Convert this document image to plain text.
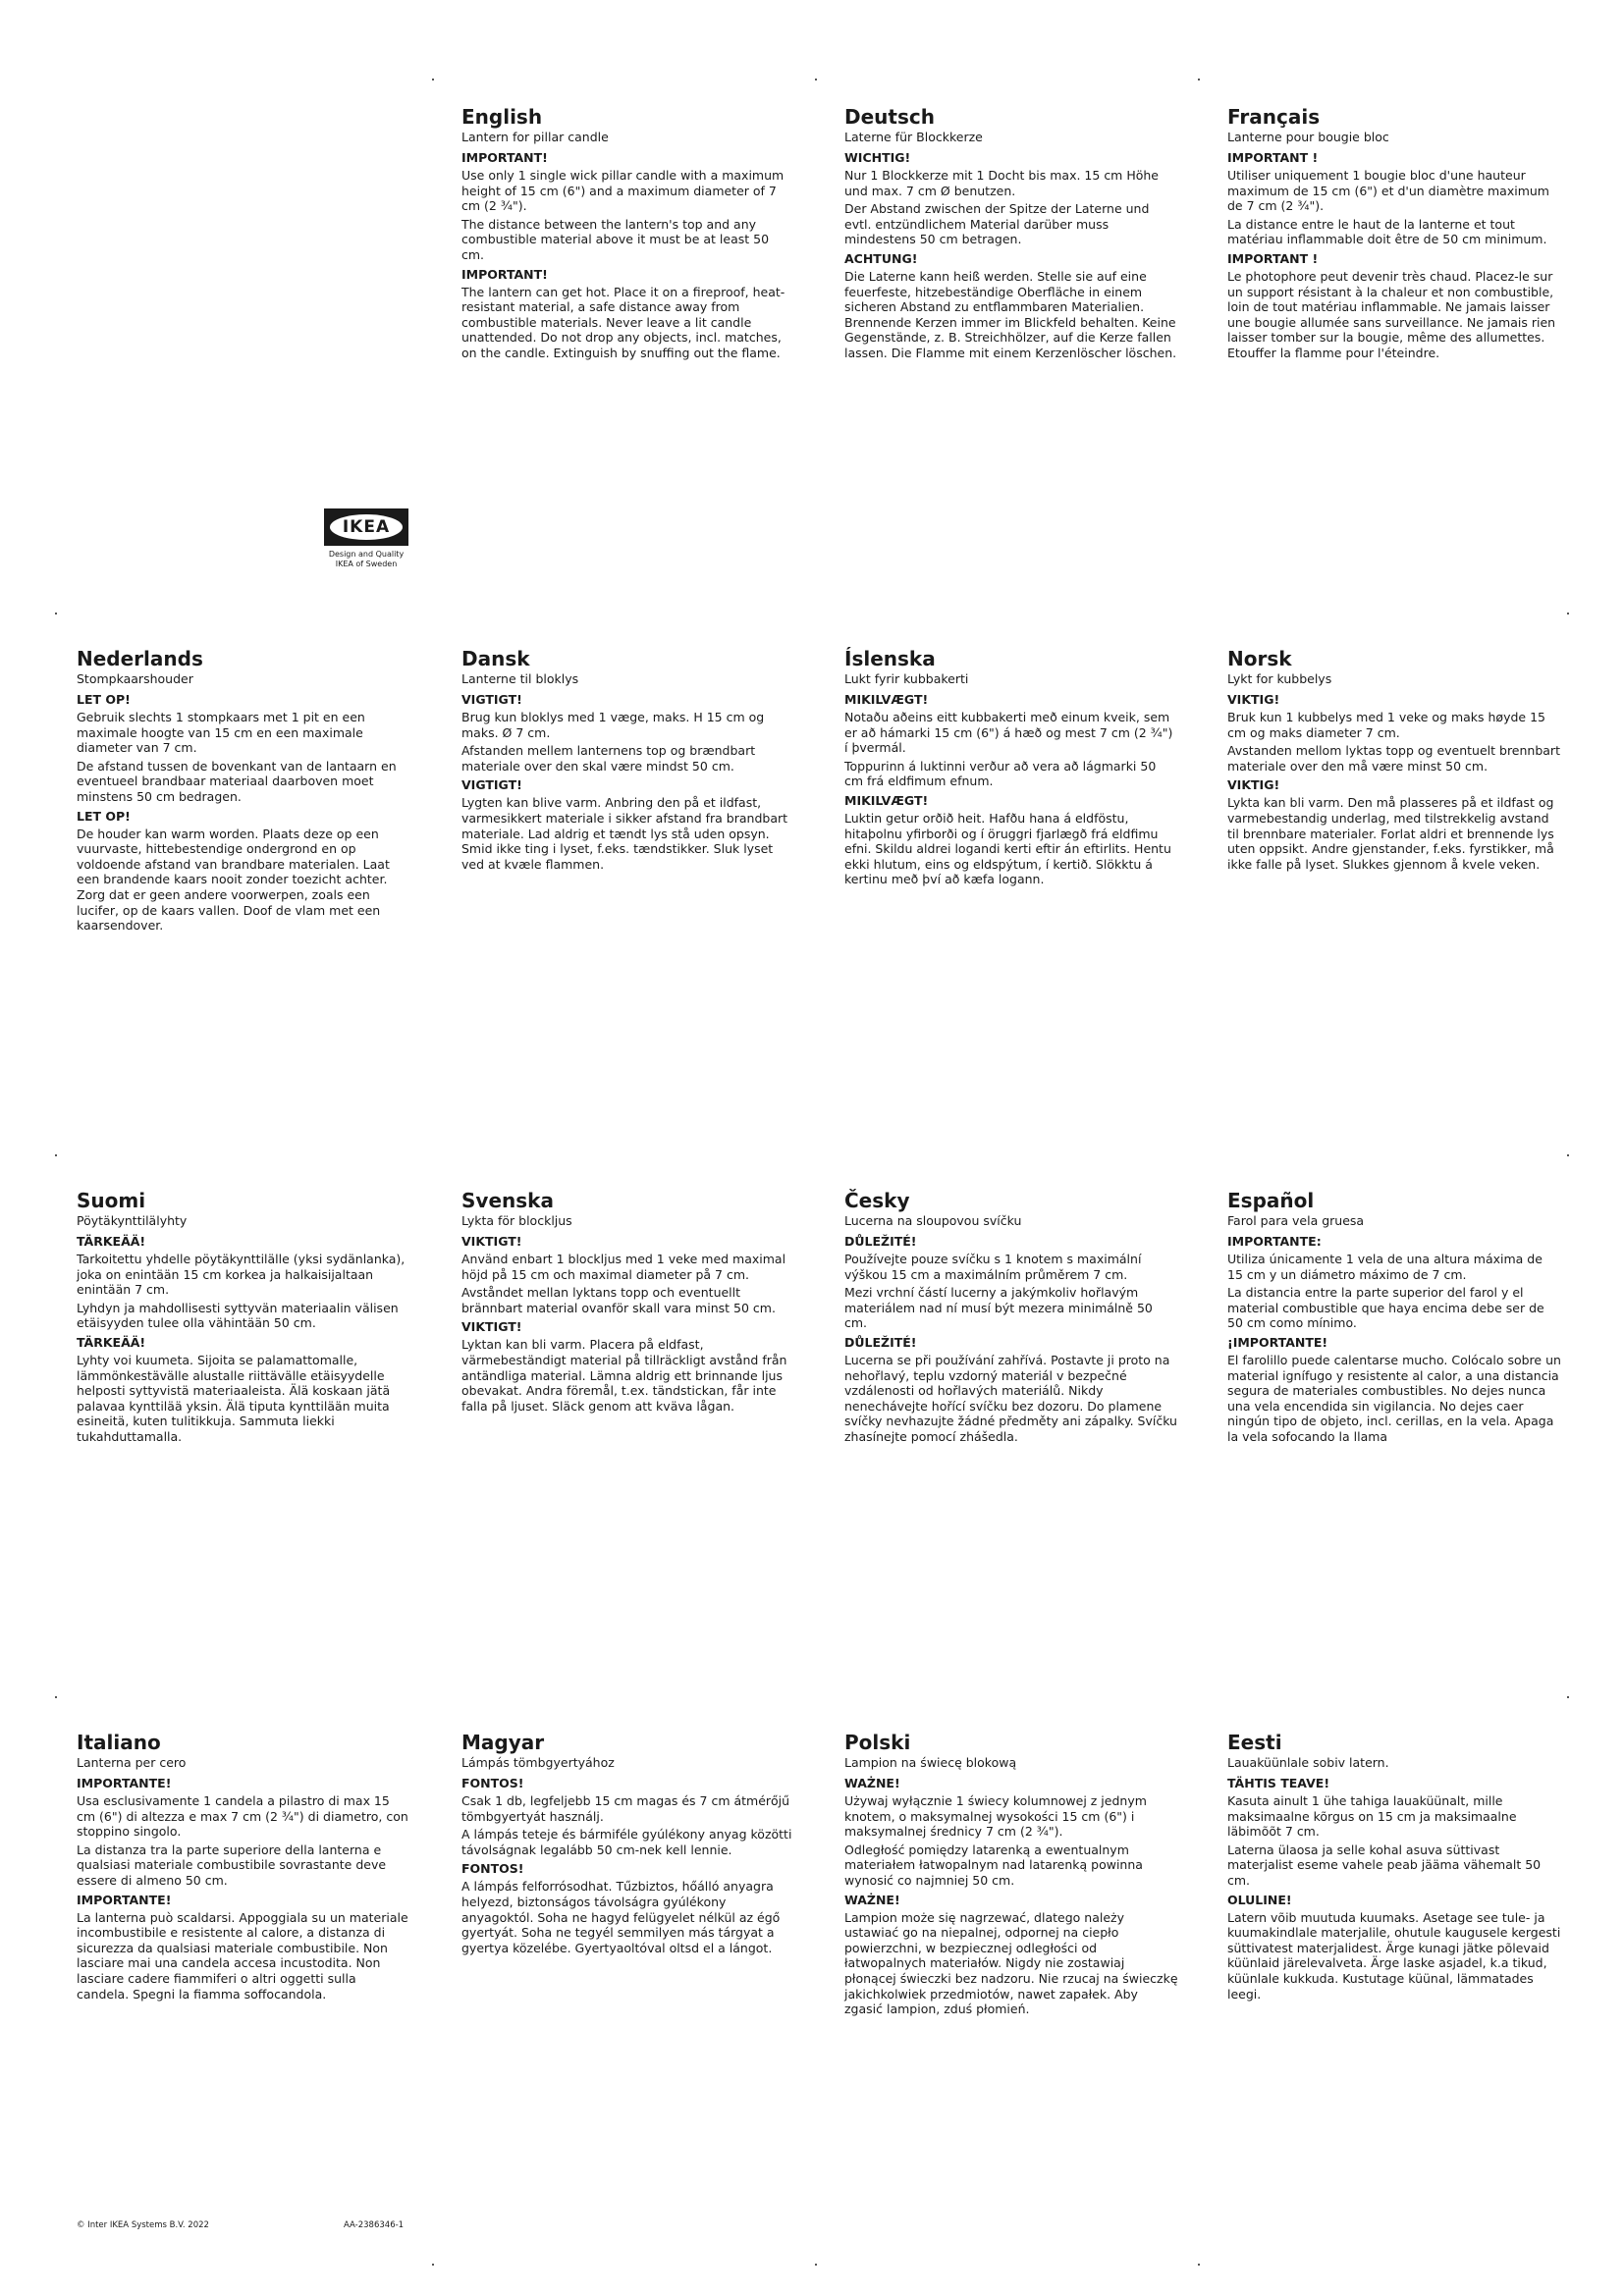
English

Lantern for pillar candle

IMPORTANT!

Use only 1 single wick pillar candle with a maximum height of 15 cm (6") and a maximum diameter of 7 cm (2 ¾").

The distance between the lantern's top and any combustible material above it must be at least 50 cm.

IMPORTANT!

The lantern can get hot. Place it on a fireproof, heat-resistant material, a safe distance away from combustible materials. Never leave a lit candle unattended. Do not drop any objects, incl. matches, on the candle. Extinguish by snuffing out the flame.

Deutsch

Laterne für Blockkerze

WICHTIG!

Nur 1 Blockkerze mit 1 Docht bis max. 15 cm Höhe und max. 7 cm Ø benutzen.

Der Abstand zwischen der Spitze der Laterne und evtl. entzündlichem Material darüber muss mindestens 50 cm betragen.

ACHTUNG!

Die Laterne kann heiß werden. Stelle sie auf eine feuerfeste, hitzebeständige Oberfläche in einem sicheren Abstand zu entflammbaren Materialien. Brennende Kerzen immer im Blickfeld behalten. Keine Gegenstände, z. B. Streichhölzer, auf die Kerze fallen lassen. Die Flamme mit einem Kerzenlöscher löschen.

Français

Lanterne pour bougie bloc

IMPORTANT !

Utiliser uniquement 1 bougie bloc d'une hauteur maximum de 15 cm (6") et d'un diamètre maximum de 7 cm (2 ¾").

La distance entre le haut de la lanterne et tout matériau inflammable doit être de 50 cm minimum.

IMPORTANT !

Le photophore peut devenir très chaud. Placez-le sur un support résistant à la chaleur et non combustible, loin de tout matériau inflammable. Ne jamais laisser une bougie allumée sans surveillance. Ne jamais rien laisser tomber sur la bougie, même des allumettes. Etouffer la flamme pour l'éteindre.

IKEA
Design and Quality
IKEA of Sweden

Nederlands

Stompkaarshouder

LET OP!

Gebruik slechts 1 stompkaars met 1 pit en een maximale hoogte van 15 cm en een maximale diameter van 7 cm.

De afstand tussen de bovenkant van de lantaarn en eventueel brandbaar materiaal daarboven moet minstens 50 cm bedragen.

LET OP!

De houder kan warm worden. Plaats deze op een vuurvaste, hittebestendige ondergrond en op voldoende afstand van brandbare materialen. Laat een brandende kaars nooit zonder toezicht achter. Zorg dat er geen andere voorwerpen, zoals een lucifer, op de kaars vallen. Doof de vlam met een kaarsendover.

Dansk

Lanterne til bloklys

VIGTIGT!

Brug kun bloklys med 1 væge, maks. H 15 cm og maks. Ø 7 cm.

Afstanden mellem lanternens top og brændbart materiale over den skal være mindst 50 cm.

VIGTIGT!

Lygten kan blive varm. Anbring den på et ildfast, varmesikkert materiale i sikker afstand fra brandbart materiale. Lad aldrig et tændt lys stå uden opsyn. Smid ikke ting i lyset, f.eks. tændstikker. Sluk lyset ved at kvæle flammen.

Íslenska

Lukt fyrir kubbakerti

MIKILVÆGT!

Notaðu aðeins eitt kubbakerti með einum kveik, sem er að hámarki 15 cm (6") á hæð og mest 7 cm (2 ¾") í þvermál.

Toppurinn á luktinni verður að vera að lágmarki 50 cm frá eldfimum efnum.

MIKILVÆGT!

Luktin getur orðið heit. Hafðu hana á eldföstu, hitaþolnu yfirborði og í öruggri fjarlægð frá eldfimu efni. Skildu aldrei logandi kerti eftir án eftirlits. Hentu ekki hlutum, eins og eldspýtum, í kertið. Slökktu á kertinu með því að kæfa logann.

Norsk

Lykt for kubbelys

VIKTIG!

Bruk kun 1 kubbelys med 1 veke og maks høyde 15 cm og maks diameter 7 cm.

Avstanden mellom lyktas topp og eventuelt brennbart materiale over den må være minst 50 cm.

VIKTIG!

Lykta kan bli varm. Den må plasseres på et ildfast og varmebestandig underlag, med tilstrekkelig avstand til brennbare materialer. Forlat aldri et brennende lys uten oppsikt. Andre gjenstander, f.eks. fyrstikker, må ikke falle på lyset. Slukkes gjennom å kvele veken.

Suomi

Pöytäkynttilälyhty

TÄRKEÄÄ!

Tarkoitettu yhdelle pöytäkynttilälle (yksi sydänlanka), joka on enintään 15 cm korkea ja halkaisijaltaan enintään 7 cm.

Lyhdyn ja mahdollisesti syttyvän materiaalin välisen etäisyyden tulee olla vähintään 50 cm.

TÄRKEÄÄ!

Lyhty voi kuumeta. Sijoita se palamattomalle, lämmönkestävälle alustalle riittävälle etäisyydelle helposti syttyvistä materiaaleista. Älä koskaan jätä palavaa kynttilää yksin. Älä tiputa kynttilään muita esineitä, kuten tulitikkuja. Sammuta liekki tukahduttamalla.

Svenska

Lykta för blockljus

VIKTIGT!

Använd enbart 1 blockljus med 1 veke med maximal höjd på 15 cm och maximal diameter på 7 cm.

Avståndet mellan lyktans topp och eventuellt brännbart material ovanför skall vara minst 50 cm.

VIKTIGT!

Lyktan kan bli varm. Placera på eldfast, värmebeständigt material på tillräckligt avstånd från antändliga material. Lämna aldrig ett brinnande ljus obevakat. Andra föremål, t.ex. tändstickan, får inte falla på ljuset. Släck genom att kväva lågan.

Česky

Lucerna na sloupovou svíčku

DŮLEŽITÉ!

Používejte pouze svíčku s 1 knotem s maximální výškou 15 cm a maximálním průměrem 7 cm.

Mezi vrchní částí lucerny a jakýmkoliv hořlavým materiálem nad ní musí být mezera minimálně 50 cm.

DŮLEŽITÉ!

Lucerna se při používání zahřívá. Postavte ji proto na nehořlavý, teplu vzdorný materiál v bezpečné vzdálenosti od hořlavých materiálů. Nikdy nenechávejte hořící svíčku bez dozoru. Do plamene svíčky nevhazujte žádné předměty ani zápalky. Svíčku zhasínejte pomocí zhášedla.

Español

Farol para vela gruesa

IMPORTANTE:

Utiliza únicamente 1 vela de una altura máxima de 15 cm y un diámetro máximo de 7 cm.

La distancia entre la parte superior del farol y el material combustible que haya encima debe ser de 50 cm como mínimo.

¡IMPORTANTE!

El farolillo puede calentarse mucho. Colócalo sobre un material ignífugo y resistente al calor, a una distancia segura de materiales combustibles. No dejes nunca una vela encendida sin vigilancia. No dejes caer ningún tipo de objeto, incl. cerillas, en la vela. Apaga la vela sofocando la llama

Italiano

Lanterna per cero

IMPORTANTE!

Usa esclusivamente 1 candela a pilastro di max 15 cm (6") di altezza e max 7 cm (2 ¾") di diametro, con stoppino singolo.

La distanza tra la parte superiore della lanterna e qualsiasi materiale combustibile sovrastante deve essere di almeno 50 cm.

IMPORTANTE!

La lanterna può scaldarsi. Appoggiala su un materiale incombustibile e resistente al calore, a distanza di sicurezza da qualsiasi materiale combustibile. Non lasciare mai una candela accesa incustodita. Non lasciare cadere fiammiferi o altri oggetti sulla candela. Spegni la fiamma soffocandola.

Magyar

Lámpás tömbgyertyához

FONTOS!

Csak 1 db, legfeljebb 15 cm magas és 7 cm átmérőjű tömbgyertyát használj.

A lámpás teteje és bármiféle gyúlékony anyag közötti távolságnak legalább 50 cm-nek kell lennie.

FONTOS!

A lámpás felforrósodhat. Tűzbiztos, hőálló anyagra helyezd, biztonságos távolságra gyúlékony anyagoktól. Soha ne hagyd felügyelet nélkül az égő gyertyát. Soha ne tegyél semmilyen más tárgyat a gyertya közelébe. Gyertyaoltóval oltsd el a lángot.

Polski

Lampion na świecę blokową

WAŻNE!

Używaj wyłącznie 1 świecy kolumnowej z jednym knotem, o maksymalnej wysokości 15 cm (6") i maksymalnej średnicy 7 cm (2 ¾").

Odległość pomiędzy latarenką a ewentualnym materiałem łatwopalnym nad latarenką powinna wynosić co najmniej 50 cm.

WAŻNE!

Lampion może się nagrzewać, dlatego należy ustawiać go na niepalnej, odpornej na ciepło powierzchni, w bezpiecznej odległości od łatwopalnych materiałów. Nigdy nie zostawiaj płonącej świeczki bez nadzoru. Nie rzucaj na świeczkę jakichkolwiek przedmiotów, nawet zapałek. Aby zgasić lampion, zduś płomień.

Eesti

Lauaküünlale sobiv latern.

TÄHTIS TEAVE!

Kasuta ainult 1 ühe tahiga lauaküünalt, mille maksimaalne kõrgus on 15 cm ja maksimaalne läbimõõt 7 cm.

Laterna ülaosa ja selle kohal asuva süttivast materjalist eseme vahele peab jääma vähemalt 50 cm.

OLULINE!

Latern võib muutuda kuumaks. Asetage see tule- ja kuumakindlale materjalile, ohutule kaugusele kergesti süttivatest materjalidest. Ärge kunagi jätke põlevaid küünlaid järelevalveta. Ärge laske asjadel, k.a tikud, küünlale kukkuda. Kustutage küünal, lämmatades leegi.

© Inter IKEA Systems B.V. 2022	AA-2386346-1
